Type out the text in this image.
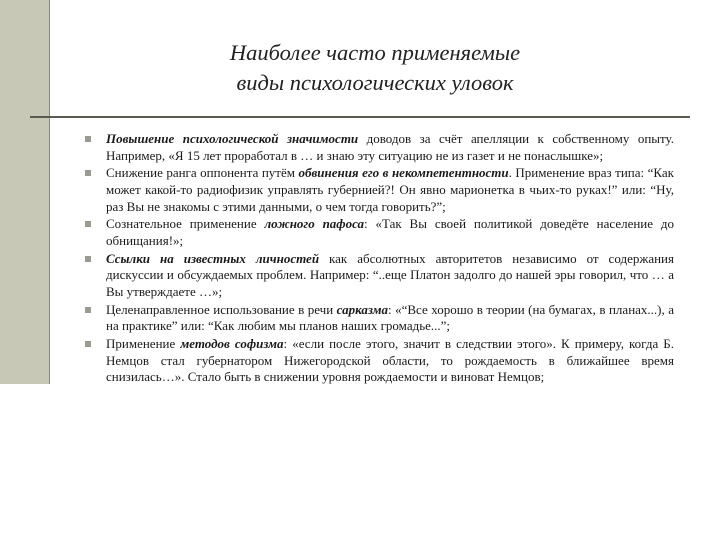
Наиболее часто применяемые
виды психологических уловок
Повышение психологической значимости доводов за счёт апелляции к собственному опыту. Например, «Я 15 лет проработал в … и знаю эту ситуацию не из газет и не понаслышке»;
Снижение ранга оппонента путём обвинения его в некомпетентности. Применение враз типа: “Как может какой-то радиофизик управлять губернией?! Он явно марионетка в чьих-то руках!” или: “Ну, раз Вы не знакомы с этими данными, о чем тогда говорить?”;
Сознательное применение ложного пафоса: «Так Вы своей политикой доведёте население до обнищания!»;
Ссылки на известных личностей как абсолютных авторитетов независимо от содержания дискуссии и обсуждаемых проблем. Например: “..еще Платон задолго до нашей эры говорил, что … а Вы утверждаете …»;
Целенаправленное использование в речи сарказма: «“Все хорошо в теории (на бумагах, в планах...), а на практике” или: “Как любим мы планов наших громадье...”;
Применение методов софизма: «если после этого, значит в следствии этого». К примеру, когда Б. Немцов стал губернатором Нижегородской области, то рождаемость в ближайшее время снизилась…». Стало быть в снижении уровня рождаемости и виноват Немцов;
